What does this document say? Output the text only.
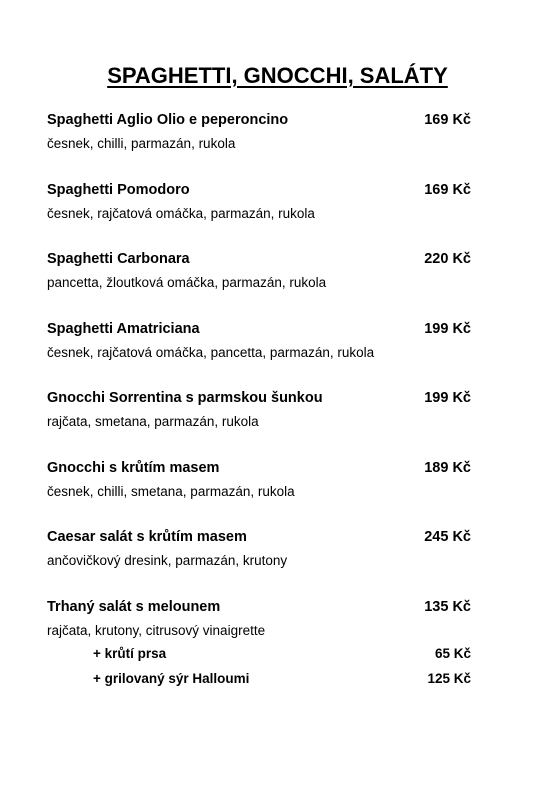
SPAGHETTI, GNOCCHI, SALÁTY
Spaghetti Aglio Olio e peperoncino	169 Kč
česnek, chilli, parmazán, rukola
Spaghetti Pomodoro	169 Kč
česnek, rajčatová omáčka, parmazán, rukola
Spaghetti Carbonara	220 Kč
pancetta, žloutková omáčka, parmazán, rukola
Spaghetti Amatriciana	199 Kč
česnek, rajčatová omáčka, pancetta, parmazán, rukola
Gnocchi Sorrentina s parmskou šunkou	199 Kč
rajčata, smetana, parmazán, rukola
Gnocchi s krůtím masem	189 Kč
česnek, chilli, smetana, parmazán, rukola
Caesar salát s krůtím masem	245 Kč
ančovičkový dresink, parmazán, krutony
Trhaný salát s melounem	135 Kč
rajčata, krutony, citrusový vinaigrette
+ krůtí prsa	65 Kč
+ grilovaný sýr Halloumi	125 Kč
